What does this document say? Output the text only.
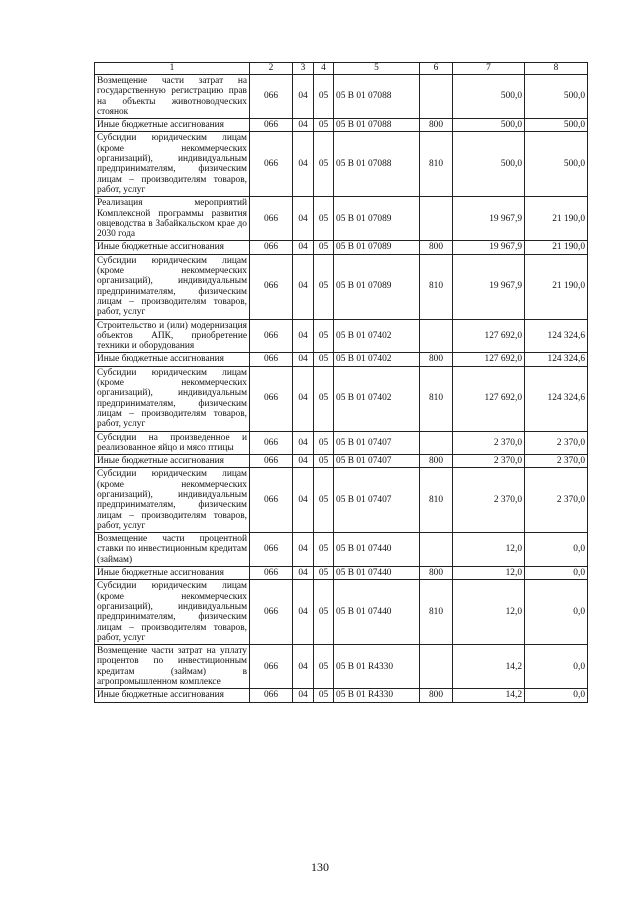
1	2	3	4	5	6	7	8
Возмещение части затрат на государственную регистрацию прав на объекты животноводческих стоянок	066	04	05	05 В 01 07088		500,0	500,0
Иные бюджетные ассигнования	066	04	05	05 В 01 07088	800	500,0	500,0
Субсидии юридическим лицам (кроме некоммерческих организаций), индивидуальным предпринимателям, физическим лицам – производителям товаров, работ, услуг	066	04	05	05 В 01 07088	810	500,0	500,0
Реализация мероприятий Комплексной программы развития овцеводства в Забайкальском крае до 2030 года	066	04	05	05 В 01 07089		19 967,9	21 190,0
Иные бюджетные ассигнования	066	04	05	05 В 01 07089	800	19 967,9	21 190,0
Субсидии юридическим лицам (кроме некоммерческих организаций), индивидуальным предпринимателям, физическим лицам – производителям товаров, работ, услуг	066	04	05	05 В 01 07089	810	19 967,9	21 190,0
Строительство и (или) модернизация объектов АПК, приобретение техники и оборудования	066	04	05	05 В 01 07402		127 692,0	124 324,6
Иные бюджетные ассигнования	066	04	05	05 В 01 07402	800	127 692,0	124 324,6
Субсидии юридическим лицам (кроме некоммерческих организаций), индивидуальным предпринимателям, физическим лицам – производителям товаров, работ, услуг	066	04	05	05 В 01 07402	810	127 692,0	124 324,6
Субсидии на произведенное и реализованное яйцо и мясо птицы	066	04	05	05 В 01 07407		2 370,0	2 370,0
Иные бюджетные ассигнования	066	04	05	05 В 01 07407	800	2 370,0	2 370,0
Субсидии юридическим лицам (кроме некоммерческих организаций), индивидуальным предпринимателям, физическим лицам – производителям товаров, работ, услуг	066	04	05	05 В 01 07407	810	2 370,0	2 370,0
Возмещение части процентной ставки по инвестиционным кредитам (займам)	066	04	05	05 В 01 07440		12,0	0,0
Иные бюджетные ассигнования	066	04	05	05 В 01 07440	800	12,0	0,0
Субсидии юридическим лицам (кроме некоммерческих организаций), индивидуальным предпринимателям, физическим лицам – производителям товаров, работ, услуг	066	04	05	05 В 01 07440	810	12,0	0,0
Возмещение части затрат на уплату процентов по инвестиционным кредитам (займам) в агропромышленном комплексе	066	04	05	05 В 01 R4330		14,2	0,0
Иные бюджетные ассигнования	066	04	05	05 В 01 R4330	800	14,2	0,0
130
